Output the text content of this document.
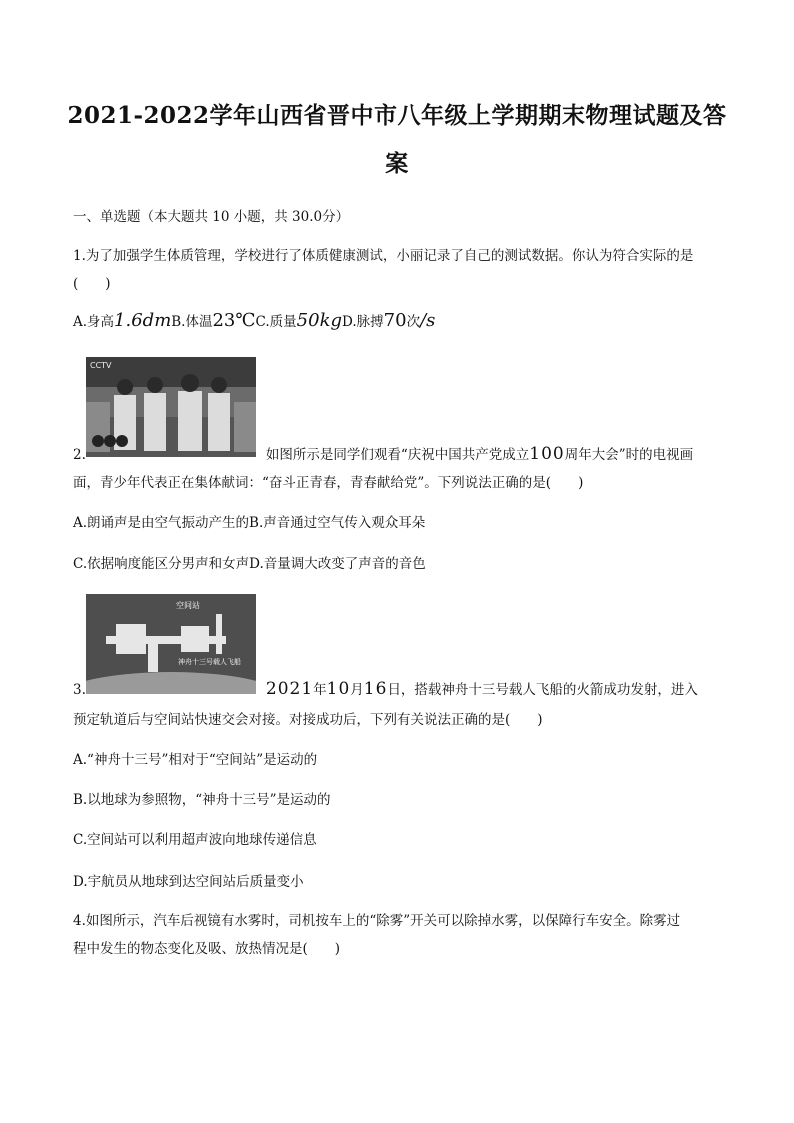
2021-2022学年山西省晋中市八年级上学期期末物理试题及答
案
一、单选题（本大题共 10 小题，共 30.0分）
1.为了加强学生体质管理，学校进行了体质健康测试，小丽记录了自己的测试数据。你认为符合实际的是
(　　)
A.身高1.6dmB.体温23℃C.质量50kgD.脉搏70次/s
CCTV
2.	如图所示是同学们观看“庆祝中国共产党成立100周年大会”时的电视画
面，青少年代表正在集体献词：“奋斗正青春，青春献给党”。下列说法正确的是(　　)
A.朗诵声是由空气振动产生的B.声音通过空气传入观众耳朵
C.依据响度能区分男声和女声D.音量调大改变了声音的音色
空间站
神舟十三号载人飞船
3.	2021年10月16日，搭载神舟十三号载人飞船的火箭成功发射，进入
预定轨道后与空间站快速交会对接。对接成功后，下列有关说法正确的是(　　)
A.“神舟十三号”相对于“空间站”是运动的
B.以地球为参照物，“神舟十三号”是运动的
C.空间站可以利用超声波向地球传递信息
D.宇航员从地球到达空间站后质量变小
4.如图所示，汽车后视镜有水雾时，司机按车上的“除雾”开关可以除掉水雾，以保障行车安全。除雾过
程中发生的物态变化及吸、放热情况是(　　)
